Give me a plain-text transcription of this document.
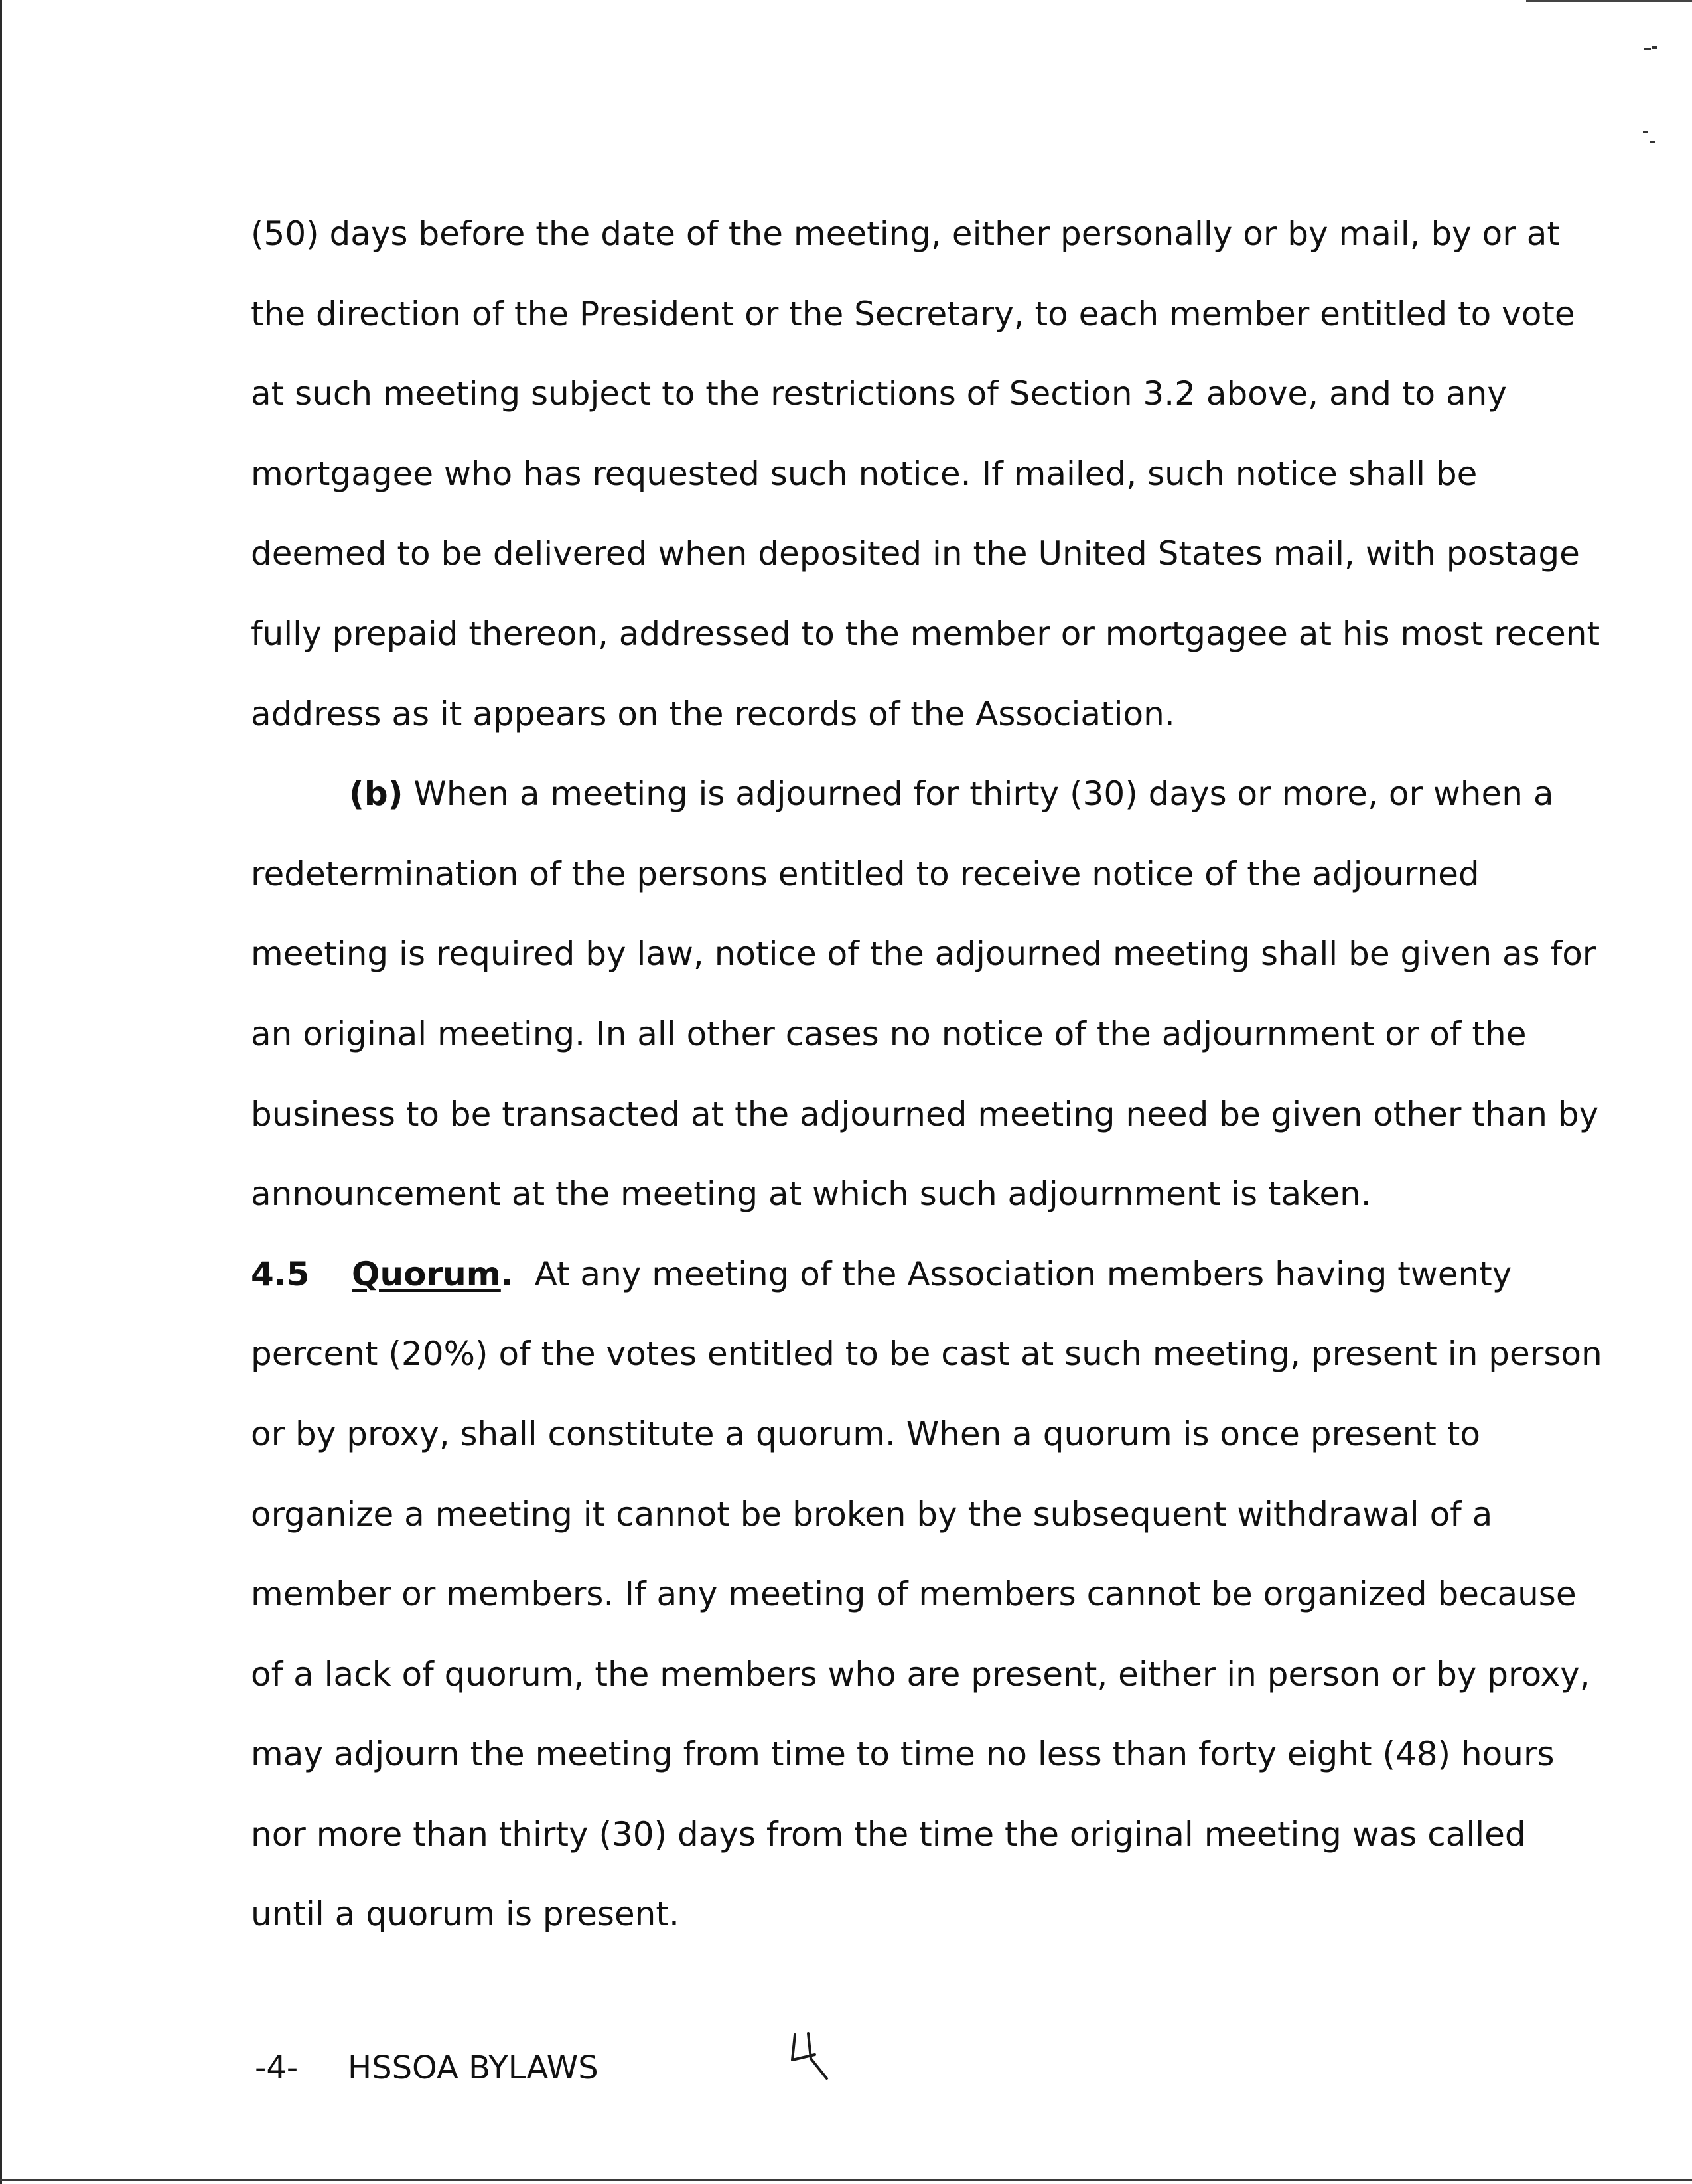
(50) days before the date of the meeting, either personally or by mail, by or at

the direction of the President or the Secretary, to each member entitled to vote

at such meeting subject to the restrictions of Section 3.2 above, and to any

mortgagee who has requested such notice. If mailed, such notice shall be

deemed to be delivered when deposited in the United States mail, with postage

fully prepaid thereon, addressed to the member or mortgagee at his most recent

address as it appears on the records of the Association.

(b) When a meeting is adjourned for thirty (30) days or more, or when a

redetermination of the persons entitled to receive notice of the adjourned

meeting is required by law, notice of the adjourned meeting shall be given as for

an original meeting. In all other cases no notice of the adjournment or of the

business to be transacted at the adjourned meeting need be given other than by

announcement at the meeting at which such adjournment is taken.

4.5 Quorum.  At any meeting of the Association members having twenty

percent (20%) of the votes entitled to be cast at such meeting, present in person

or by proxy, shall constitute a quorum. When a quorum is once present to

organize a meeting it cannot be broken by the subsequent withdrawal of a

member or members. If any meeting of members cannot be organized because

of a lack of quorum, the members who are present, either in person or by proxy,

may adjourn the meeting from time to time no less than forty eight (48) hours

nor more than thirty (30) days from the time the original meeting was called

until a quorum is present.

-4- HSSOA BYLAWS
